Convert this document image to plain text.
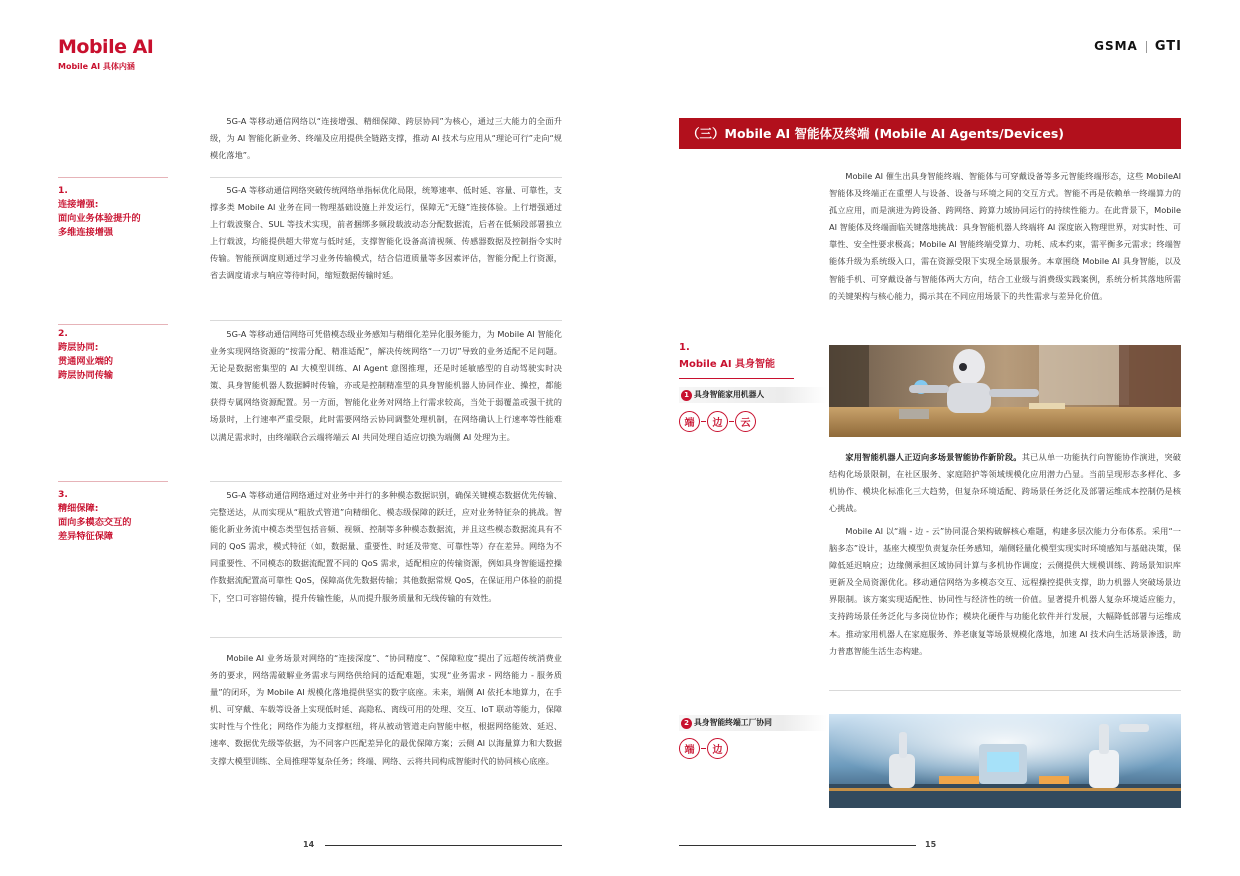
Mobile AI
Mobile AI 具体内涵
GSMA GTI

5G-A 等移动通信网络以“连接增强、精细保障、跨层协同”为核心，通过三大能力的全面升级，为 AI 智能化新业务、终端及应用提供全链路支撑，推动 AI 技术与应用从“理论可行”走向“规模化落地”。

1.
连接增强:
面向业务体验提升的
多维连接增强

5G-A 等移动通信网络突破传统网络单指标优化局限，统筹速率、低时延、容量、可靠性，支撑多类 Mobile AI 业务在同一物理基础设施上并发运行，保障无“无缝”连接体验。上行增强通过上行载波聚合、SUL 等技术实现，前者捆绑多频段载波动态分配数据流，后者在低频段部署独立上行载波，均能提供超大带宽与低时延，支撑智能化设备高清视频、传感器数据及控制指令实时传输。智能预调度则通过学习业务传输模式，结合信道质量等多因素评估，智能分配上行资源，省去调度请求与响应等待时间，缩短数据传输时延。

2.
跨层协同:
贯通网业端的
跨层协同传输

5G-A 等移动通信网络可凭借模态级业务感知与精细化差异化服务能力，为 Mobile AI 智能化业务实现网络资源的“按需分配、精准适配”，解决传统网络“一刀切”导致的业务适配不足问题。无论是数据密集型的 AI 大模型训练、AI Agent 意图推理，还是时延敏感型的自动驾驶实时决策、具身智能机器人数据瞬时传输，亦或是控制精准型的具身智能机器人协同作业、操控，都能获得专属网络资源配置。另一方面，智能化业务对网络上行需求较高，当处于弱覆盖或强干扰的场景时，上行速率严重受限，此时需要网络云协同调整处理机制，在网络确认上行速率等性能难以满足需求时，由终端联合云端将端云 AI 共同处理自适应切换为端侧 AI 处理为主。

3.
精细保障:
面向多模态交互的
差异特征保障

5G-A 等移动通信网络通过对业务中并行的多种模态数据识别，确保关键模态数据优先传输、完整送达，从而实现从“粗放式管道”向精细化、模态级保障的跃迁，应对业务特征杂的挑战。智能化新业务流中模态类型包括音频、视频、控制等多种模态数据流，并且这些模态数据流具有不同的 QoS 需求，模式特征（如，数据量、重要性、时延及带宽、可靠性等）存在差异。网络为不同重要性、不同模态的数据流配置不同的 QoS 需求，适配相应的传输资源，例如具身智能遥控操作数据流配置高可靠性 QoS，保障高优先数据传输；其他数据常规 QoS，在保证用户体验的前提下，空口可容错传输，提升传输性能，从而提升服务质量和无线传输的有效性。

Mobile AI 业务场景对网络的“连接深度”、“协同精度”、“保障粒度”提出了远超传统消费业务的要求，网络需破解业务需求与网络供给间的适配难题，实现“业务需求 - 网络能力 - 服务质量”的闭环，为 Mobile AI 规模化落地提供坚实的数字底座。未来，端侧 AI 依托本地算力，在手机、可穿戴、车载等设备上实现低时延、高隐私、离线可用的处理、交互、IoT 联动等能力，保障实时性与个性化；网络作为能力支撑枢纽，将从被动管道走向智能中枢，根据网络能效、延迟、速率、数据优先级等依据，为不同客户匹配差异化的最优保障方案；云侧 AI 以海量算力和大数据支撑大模型训练、全局推理等复杂任务；终端、网络、云将共同构成智能时代的协同核心底座。

14
（三）Mobile AI 智能体及终端 (Mobile AI Agents/Devices)

Mobile AI 催生出具身智能终端、智能体与可穿戴设备等多元智能终端形态，这些 MobileAI 智能体及终端正在重塑人与设备、设备与环境之间的交互方式。智能不再是依赖单一终端算力的孤立应用，而是演进为跨设备、跨网络、跨算力域协同运行的持续性能力。在此背景下，Mobile AI 智能体及终端面临关键落地挑战：具身智能机器人终端将 AI 深度嵌入物理世界，对实时性、可靠性、安全性要求极高；Mobile AI 智能终端受算力、功耗、成本约束，需平衡多元需求；终端智能体升级为系统级入口，需在资源受限下实现全场景服务。本章围绕 Mobile AI 具身智能，以及智能手机、可穿戴设备与智能体两大方向，结合工业级与消费级实践案例，系统分析其落地所需的关键架构与核心能力，揭示其在不同应用场景下的共性需求与差异化价值。

1.
Mobile AI 具身智能
1 具身智能家用机器人
端	边	云

家用智能机器人正迈向多场景智能协作新阶段。其已从单一功能执行向智能协作演进，突破结构化场景限制，在社区服务、家庭陪护等领域规模化应用潜力凸显。当前呈现形态多样化、多机协作、模块化标准化三大趋势，但复杂环境适配、跨场景任务泛化及部署运维成本控制仍是核心挑战。

Mobile AI 以“端 - 边 - 云”协同混合架构破解核心难题，构建多层次能力分布体系。采用“一脑多态”设计，基座大模型负责复杂任务感知，端侧轻量化模型实现实时环境感知与基础决策，保障低延迟响应；边缘侧承担区域协同计算与多机协作调度；云侧提供大规模训练、跨场景知识库更新及全局资源优化。移动通信网络为多模态交互、远程操控提供支撑，助力机器人突破场景边界限制。该方案实现适配性、协同性与经济性的统一价值。显著提升机器人复杂环境适应能力，支持跨场景任务泛化与多岗位协作；模块化硬件与功能化软件并行发展，大幅降低部署与运维成本。推动家用机器人在家庭服务、养老康复等场景规模化落地，加速 AI 技术向生活场景渗透，助力普惠智能生活生态构建。

2 具身智能终端工厂协同
端	边
15
